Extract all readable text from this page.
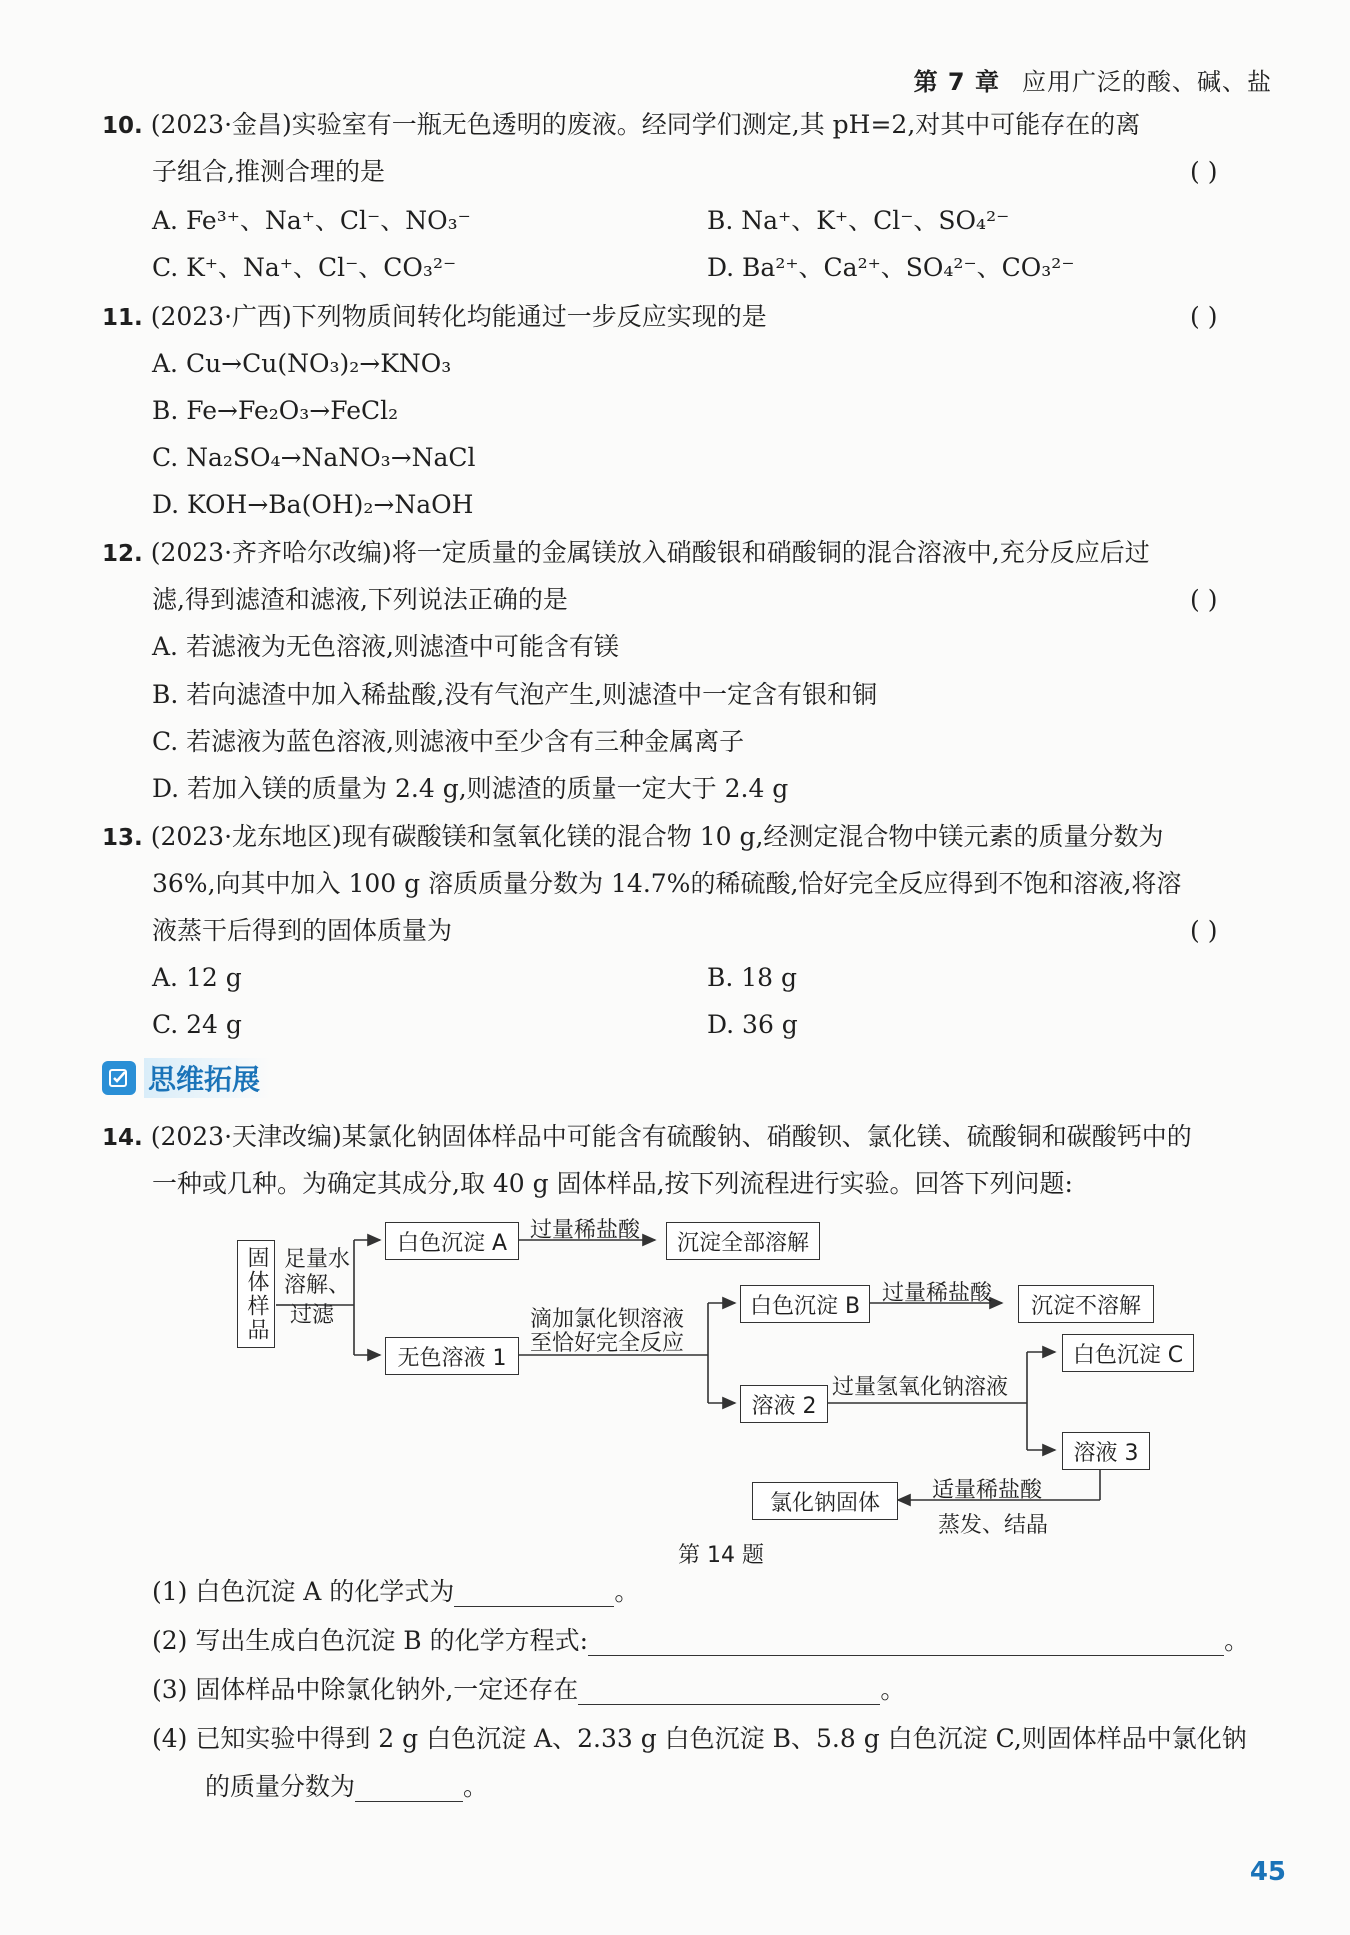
第 7 章 应用广泛的酸、碱、盐
10. (2023·金昌)实验室有一瓶无色透明的废液。经同学们测定,其 pH=2,对其中可能存在的离
子组合,推测合理的是	( )
A. Fe³⁺、Na⁺、Cl⁻、NO₃⁻	B. Na⁺、K⁺、Cl⁻、SO₄²⁻
C. K⁺、Na⁺、Cl⁻、CO₃²⁻	D. Ba²⁺、Ca²⁺、SO₄²⁻、CO₃²⁻
11. (2023·广西)下列物质间转化均能通过一步反应实现的是	( )
A. Cu→Cu(NO₃)₂→KNO₃
B. Fe→Fe₂O₃→FeCl₂
C. Na₂SO₄→NaNO₃→NaCl
D. KOH→Ba(OH)₂→NaOH
12. (2023·齐齐哈尔改编)将一定质量的金属镁放入硝酸银和硝酸铜的混合溶液中,充分反应后过
滤,得到滤渣和滤液,下列说法正确的是	( )
A. 若滤液为无色溶液,则滤渣中可能含有镁
B. 若向滤渣中加入稀盐酸,没有气泡产生,则滤渣中一定含有银和铜
C. 若滤液为蓝色溶液,则滤液中至少含有三种金属离子
D. 若加入镁的质量为 2.4 g,则滤渣的质量一定大于 2.4 g
13. (2023·龙东地区)现有碳酸镁和氢氧化镁的混合物 10 g,经测定混合物中镁元素的质量分数为
36%,向其中加入 100 g 溶质质量分数为 14.7%的稀硫酸,恰好完全反应得到不饱和溶液,将溶
液蒸干后得到的固体质量为	( )
A. 12 g	B. 18 g
C. 24 g	D. 36 g
思维拓展
14. (2023·天津改编)某氯化钠固体样品中可能含有硫酸钠、硝酸钡、氯化镁、硫酸铜和碳酸钙中的
一种或几种。为确定其成分,取 40 g 固体样品,按下列流程进行实验。回答下列问题:
固体样品 足量水
溶解、
过滤
白色沉淀 A	过量稀盐酸	沉淀全部溶解
无色溶液 1
滴加氯化钡溶液
至恰好完全反应
白色沉淀 B 过量稀盐酸	沉淀不溶解
溶液 2
过量氢氧化钠溶液
白色沉淀 C
溶液 3
适量稀盐酸
蒸发、结晶
氯化钠固体
第 14 题
(1) 白色沉淀 A 的化学式为	。
(2) 写出生成白色沉淀 B 的化学方程式:	。
(3) 固体样品中除氯化钠外,一定还存在	。
(4) 已知实验中得到 2 g 白色沉淀 A、2.33 g 白色沉淀 B、5.8 g 白色沉淀 C,则固体样品中氯化钠
的质量分数为	。
45
